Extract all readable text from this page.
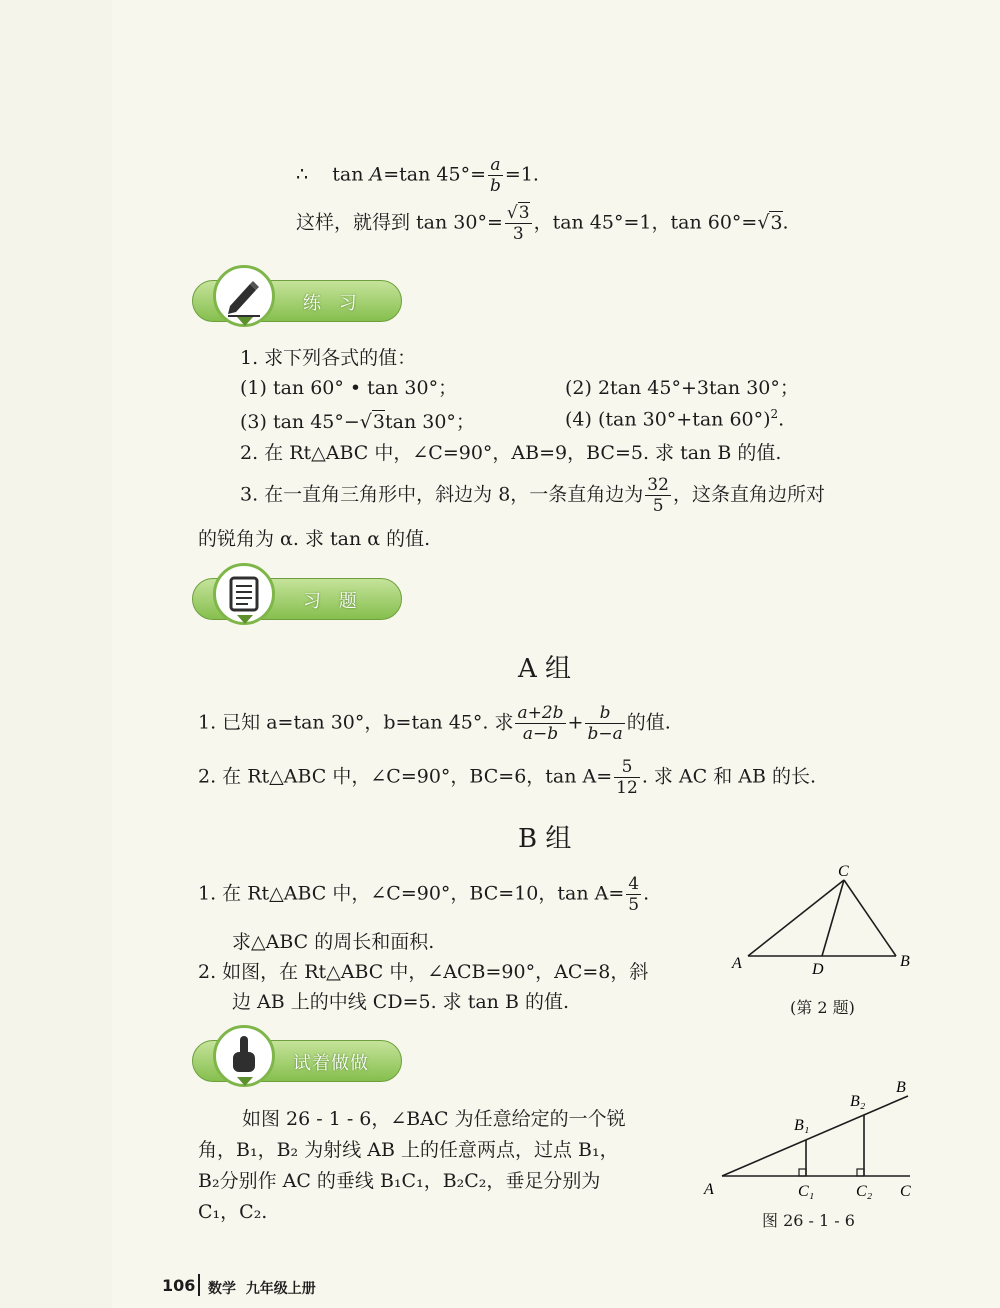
∴ tan A=tan $45^\circ= \frac{a}{b} =1$.
这样，就得到 $\tan 30^\circ= \frac{√3}{3}$ ，tan 45°=1，tan 60°=√3.
练 习
1. 求下列各式的值：
(1) tan 60° • tan 30°；	(2) 2tan 45°+3tan 30°；
(3) tan 45°−√3tan 30°；	(4) (tan 30°+tan 60°)$^2$.
2. 在 Rt△ABC 中，∠C=90°，AB=9，BC=5. 求 tan B 的值.
3. 在一直角三角形中，斜边为 8，一条直角边为 $\frac{32}{5}$ ，这条直角边所对
的锐角为 α. 求 tan α 的值.
习 题
A 组
1. 已知 a=tan 30°，b=tan 45°. 求 $\frac{a+2b}{a-b} + \frac{b}{b-a}$ 的值.
2. 在 Rt△ABC 中，∠C=90°，BC=6，$\tan A= \frac{5}{12}$ . 求 AC 和 AB 的长.
B 组
1. 在 Rt△ABC 中，∠C=90°，BC=10，$\tan A= \frac{4}{5}$ .
求△ABC 的周长和面积.
2. 如图，在 Rt△ABC 中，∠ACB=90°，AC=8，斜
边 AB 上的中线 CD=5. 求 tan B 的值.
A	B
C
D
(第 2 题)
试着做做
如图 26 - 1 - 6，∠BAC 为任意给定的一个锐
角，B₁，B₂ 为射线 AB 上的任意两点，过点 B₁，
B₂分别作 AC 的垂线 B₁C₁，B₂C₂，垂足分别为
C₁，C₂.
A
B
B₁
B₂
C
C₁	C₂
图 26 - 1 - 6
106 数学  九年级上册
